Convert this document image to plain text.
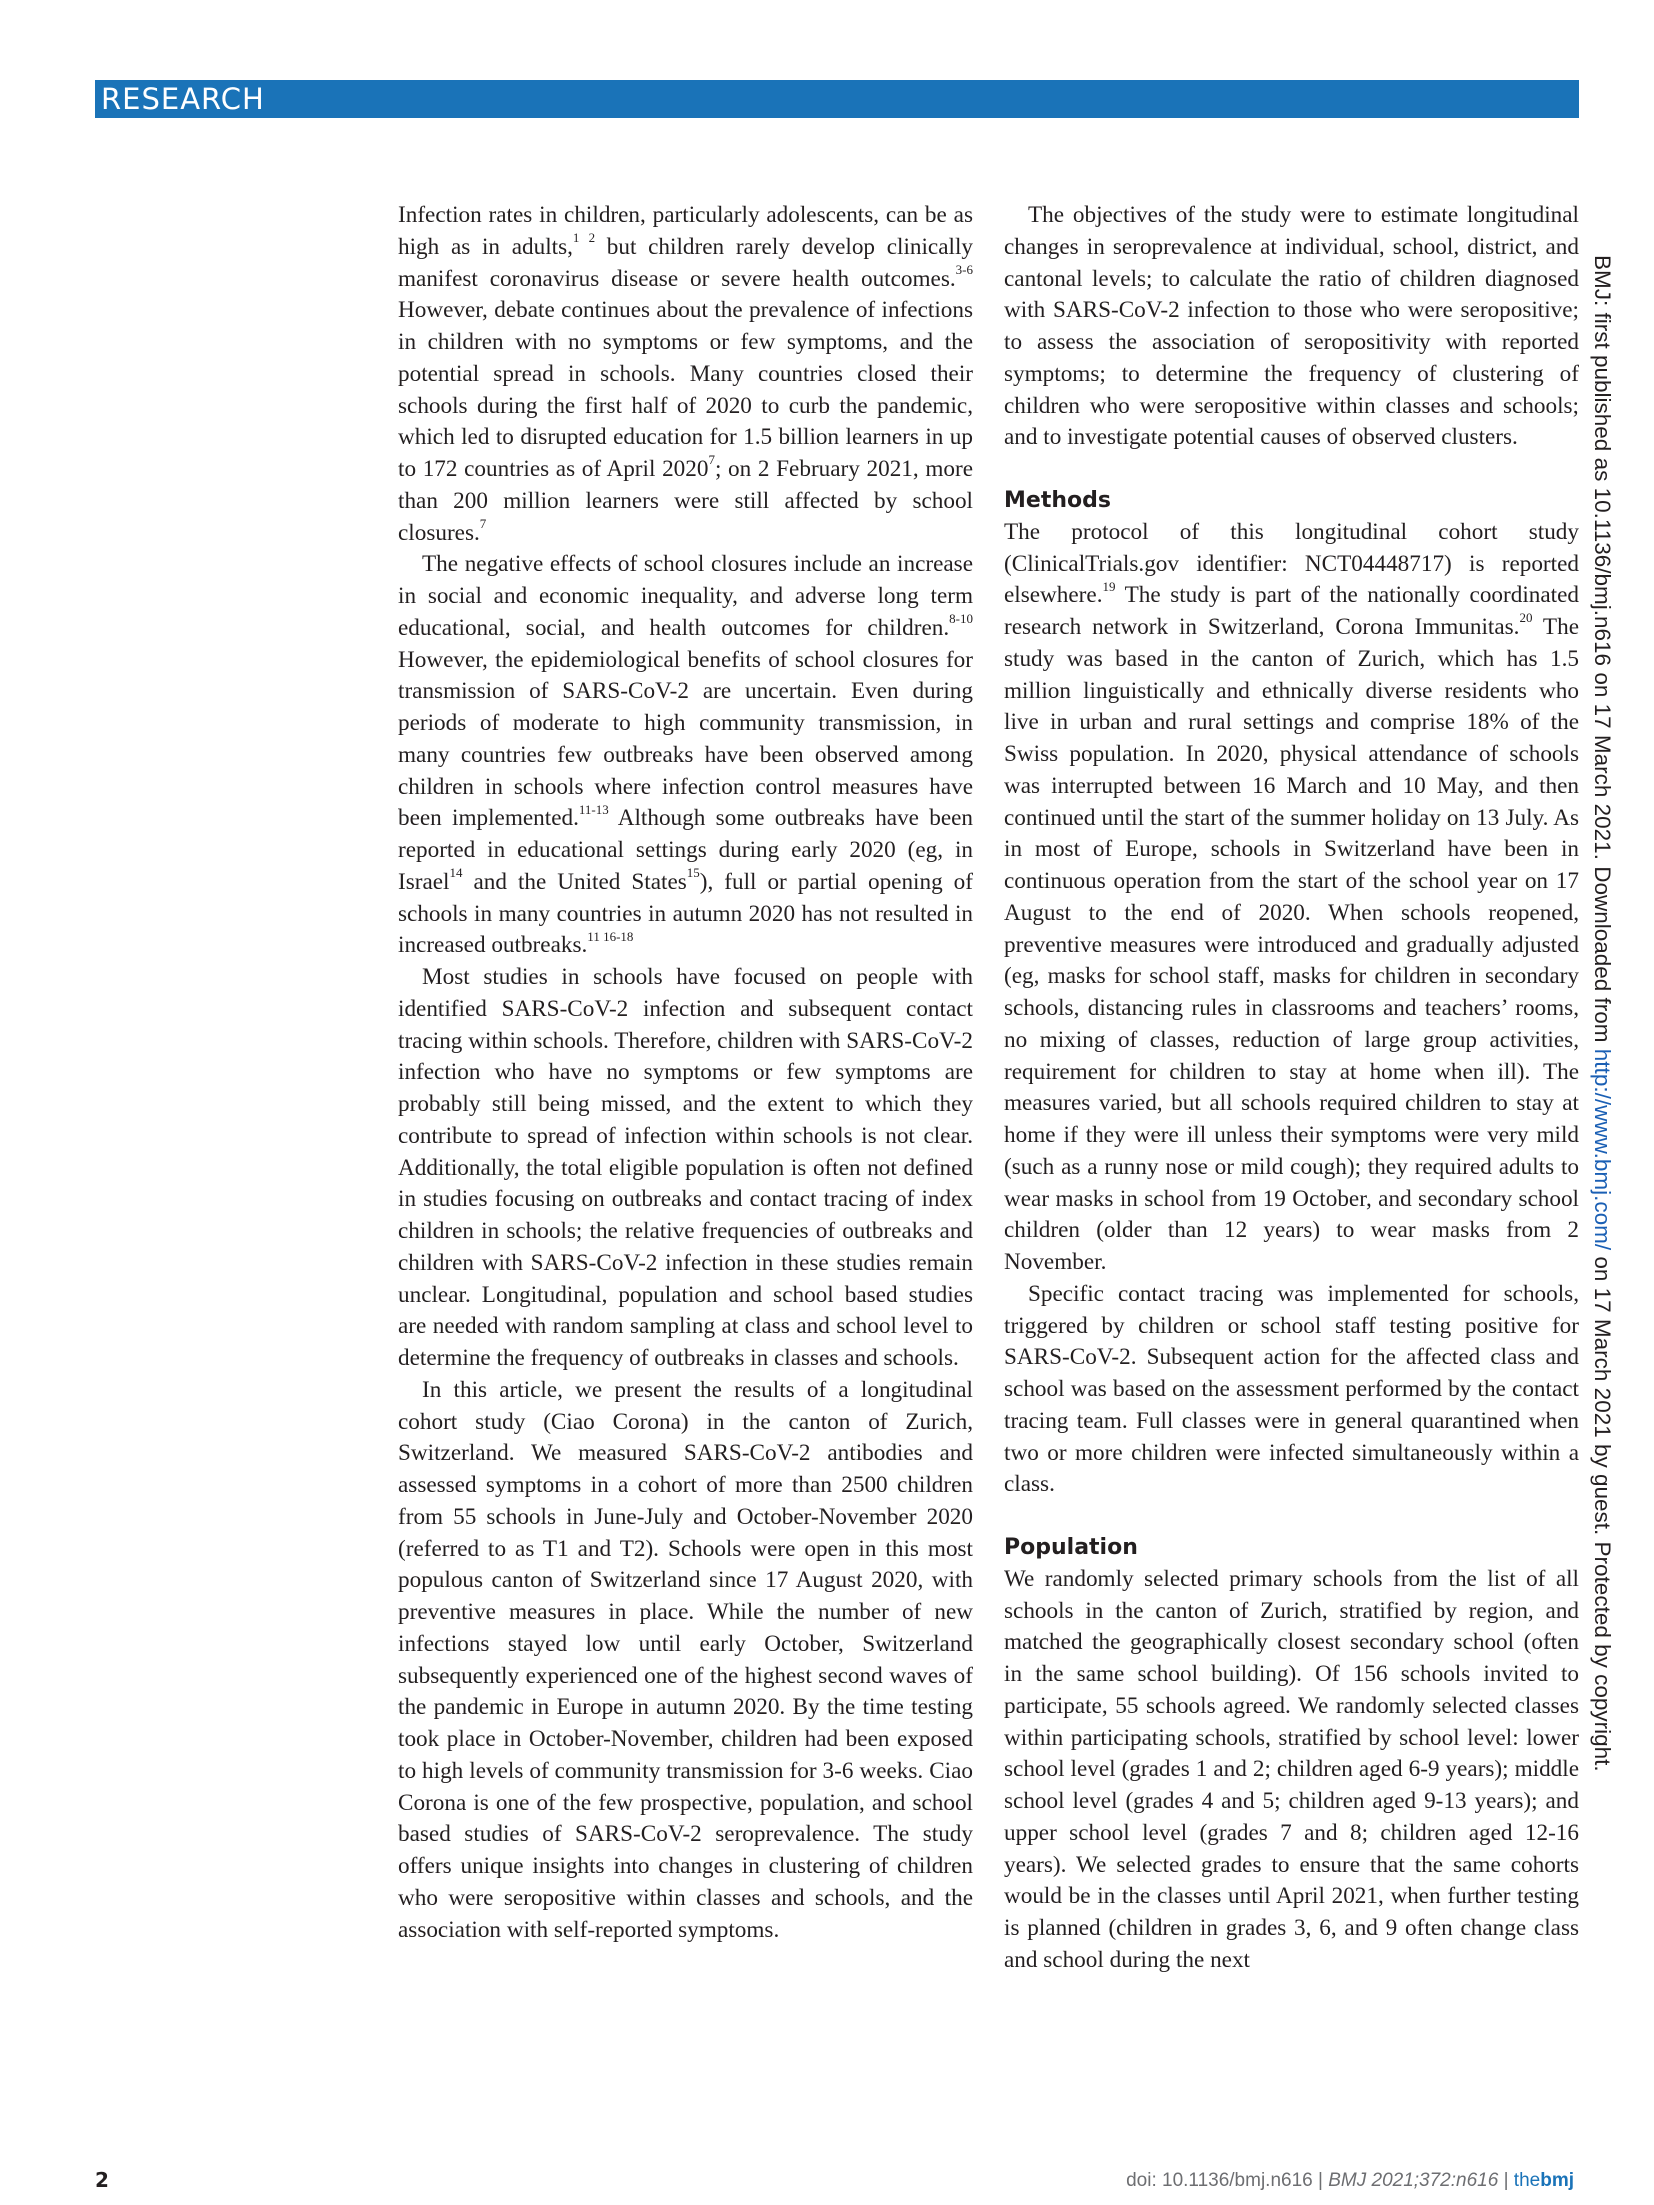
RESEARCH

Infection rates in children, particularly adolescents, can be as high as in adults,$^{1 2}$ but children rarely develop clinically manifest coronavirus disease or severe health outcomes.$^{3-6}$ However, debate continues about the prevalence of infections in children with no symptoms or few symptoms, and the potential spread in schools. Many countries closed their schools during the first half of 2020 to curb the pandemic, which led to disrupted education for 1.5 billion learners in up to 172 countries as of April 2020$^7$; on 2 February 2021, more than 200 million learners were still affected by school closures.$^7$

The negative effects of school closures include an increase in social and economic inequality, and adverse long term educational, social, and health outcomes for children.$^{8-10}$ However, the epidemiological benefits of school closures for transmission of SARS-CoV-2 are uncertain. Even during periods of moderate to high community transmission, in many countries few outbreaks have been observed among children in schools where infection control measures have been implemented.$^{11-13}$ Although some outbreaks have been reported in educational settings during early 2020 (eg, in Israel$^{14}$ and the United States$^{15}$), full or partial opening of schools in many countries in autumn 2020 has not resulted in increased outbreaks.$^{11 16-18}$

Most studies in schools have focused on people with identified SARS-CoV-2 infection and subsequent contact tracing within schools. Therefore, children with SARS-CoV-2 infection who have no symptoms or few symptoms are probably still being missed, and the extent to which they contribute to spread of infection within schools is not clear. Additionally, the total eligible population is often not defined in studies focusing on outbreaks and contact tracing of index children in schools; the relative frequencies of outbreaks and children with SARS-CoV-2 infection in these studies remain unclear. Longitudinal, population and school based studies are needed with random sampling at class and school level to determine the frequency of outbreaks in classes and schools.

In this article, we present the results of a longitudinal cohort study (Ciao Corona) in the canton of Zurich, Switzerland. We measured SARS-CoV-2 antibodies and assessed symptoms in a cohort of more than 2500 children from 55 schools in June-July and October-November 2020 (referred to as T1 and T2). Schools were open in this most populous canton of Switzerland since 17 August 2020, with preventive measures in place. While the number of new infections stayed low until early October, Switzerland subsequently experienced one of the highest second waves of the pandemic in Europe in autumn 2020. By the time testing took place in October-November, children had been exposed to high levels of community transmission for 3-6 weeks. Ciao Corona is one of the few prospective, population, and school based studies of SARS-CoV-2 seroprevalence. The study offers unique insights into changes in clustering of children who were seropositive within classes and schools, and the association with self-reported symptoms.

The objectives of the study were to estimate longitudinal changes in seroprevalence at individual, school, district, and cantonal levels; to calculate the ratio of children diagnosed with SARS-CoV-2 infection to those who were seropositive; to assess the association of seropositivity with reported symptoms; to determine the frequency of clustering of children who were seropositive within classes and schools; and to investigate potential causes of observed clusters.

Methods

The protocol of this longitudinal cohort study (ClinicalTrials.gov identifier: NCT04448717) is reported elsewhere.$^{19}$ The study is part of the nationally coordinated research network in Switzerland, Corona Immunitas.$^{20}$ The study was based in the canton of Zurich, which has 1.5 million linguistically and ethnically diverse residents who live in urban and rural settings and comprise 18% of the Swiss population. In 2020, physical attendance of schools was interrupted between 16 March and 10 May, and then continued until the start of the summer holiday on 13 July. As in most of Europe, schools in Switzerland have been in continuous operation from the start of the school year on 17 August to the end of 2020. When schools reopened, preventive measures were introduced and gradually adjusted (eg, masks for school staff, masks for children in secondary schools, distancing rules in classrooms and teachers’ rooms, no mixing of classes, reduction of large group activities, requirement for children to stay at home when ill). The measures varied, but all schools required children to stay at home if they were ill unless their symptoms were very mild (such as a runny nose or mild cough); they required adults to wear masks in school from 19 October, and secondary school children (older than 12 years) to wear masks from 2 November.

Specific contact tracing was implemented for schools, triggered by children or school staff testing positive for SARS-CoV-2. Subsequent action for the affected class and school was based on the assessment performed by the contact tracing team. Full classes were in general quarantined when two or more children were infected simultaneously within a class.

Population

We randomly selected primary schools from the list of all schools in the canton of Zurich, stratified by region, and matched the geographically closest secondary school (often in the same school building). Of 156 schools invited to participate, 55 schools agreed. We randomly selected classes within participating schools, stratified by school level: lower school level (grades 1 and 2; children aged 6-9 years); middle school level (grades 4 and 5; children aged 9-13 years); and upper school level (grades 7 and 8; children aged 12-16 years). We selected grades to ensure that the same cohorts would be in the classes until April 2021, when further testing is planned (children in grades 3, 6, and 9 often change class and school during the next

BMJ: first published as 10.1136/bmj.n616 on 17 March 2021. Downloaded from http://www.bmj.com/ on 17 March 2021 by guest. Protected by copyright.
2	doi: 10.1136/bmj.n616 | BMJ 2021;372:n616 | thebmj
